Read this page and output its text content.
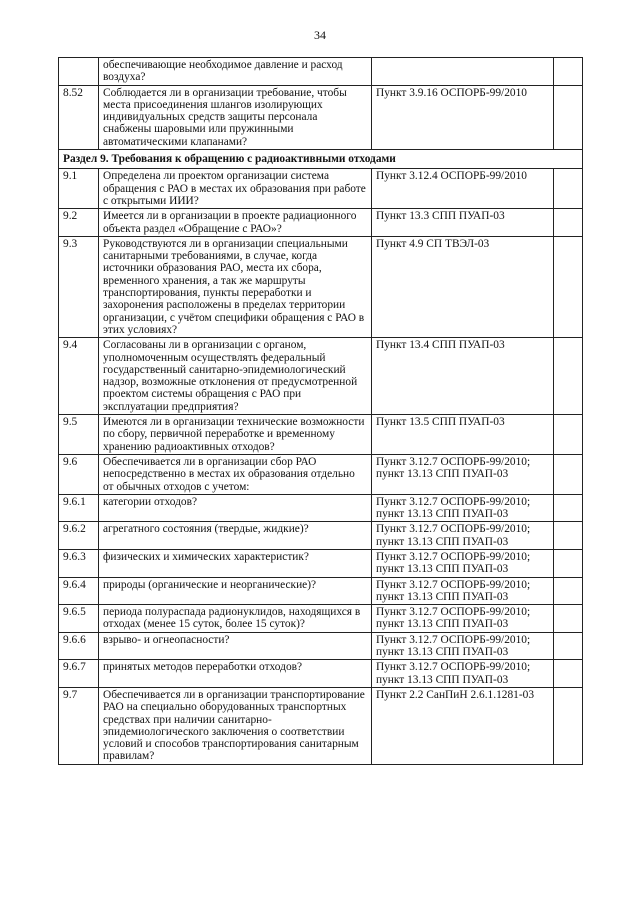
34
	обеспечивающие необходимое давление и расход воздуха?		
8.52	Соблюдается ли в организации требование, чтобы места присоединения шлангов изолирующих индивидуальных средств защиты персонала снабжены шаровыми или пружинными автоматическими клапанами?	Пункт 3.9.16 ОСПОРБ-99/2010	
Раздел 9. Требования к обращению с радиоактивными отходами			
9.1	Определена ли проектом организации система обращения с РАО в местах их образования при работе с открытыми ИИИ?	Пункт 3.12.4 ОСПОРБ-99/2010	
9.2	Имеется ли в организации в проекте радиационного объекта раздел «Обращение с РАО»?	Пункт 13.3 СПП ПУАП-03	
9.3	Руководствуются ли в организации специальными санитарными требованиями, в случае, когда источники образования РАО, места их сбора, временного хранения, а так же маршруты транспортирования, пункты переработки и захоронения расположены в пределах территории организации, с учётом специфики обращения с РАО в этих условиях?	Пункт 4.9 СП ТВЭЛ-03	
9.4	Согласованы ли в организации с органом, уполномоченным осуществлять федеральный государственный санитарно-эпидемиологический надзор, возможные отклонения от предусмотренной проектом системы обращения с РАО при эксплуатации предприятия?	Пункт 13.4 СПП ПУАП-03	
9.5	Имеются ли в организации технические возможности по сбору, первичной переработке и временному хранению радиоактивных отходов?	Пункт 13.5 СПП ПУАП-03	
9.6	Обеспечивается ли в организации сбор РАО непосредственно в местах их образования отдельно от обычных отходов с учетом:	Пункт 3.12.7 ОСПОРБ-99/2010; пункт 13.13 СПП ПУАП-03	
9.6.1	категории отходов?	Пункт 3.12.7 ОСПОРБ-99/2010; пункт 13.13 СПП ПУАП-03	
9.6.2	агрегатного состояния (твердые, жидкие)?	Пункт 3.12.7 ОСПОРБ-99/2010; пункт 13.13 СПП ПУАП-03	
9.6.3	физических и химических характеристик?	Пункт 3.12.7 ОСПОРБ-99/2010; пункт 13.13 СПП ПУАП-03	
9.6.4	природы (органические и неорганические)?	Пункт 3.12.7 ОСПОРБ-99/2010; пункт 13.13 СПП ПУАП-03	
9.6.5	периода полураспада радионуклидов, находящихся в отходах (менее 15 суток, более 15 суток)?	Пункт 3.12.7 ОСПОРБ-99/2010; пункт 13.13 СПП ПУАП-03	
9.6.6	взрыво- и огнеопасности?	Пункт 3.12.7 ОСПОРБ-99/2010; пункт 13.13 СПП ПУАП-03	
9.6.7	принятых методов переработки отходов?	Пункт 3.12.7 ОСПОРБ-99/2010; пункт 13.13 СПП ПУАП-03	
9.7	Обеспечивается ли в организации транспортирование РАО на специально оборудованных транспортных средствах при наличии санитарно-эпидемиологического заключения о соответствии условий и способов транспортирования санитарным правилам?	Пункт 2.2 СанПиН 2.6.1.1281-03	
